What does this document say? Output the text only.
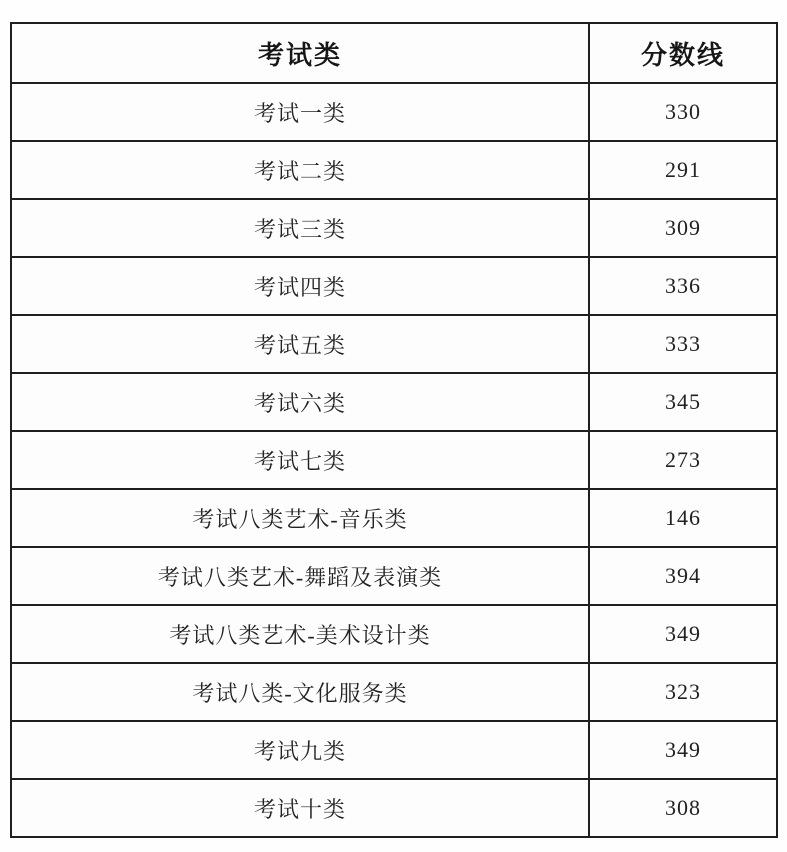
考试类	分数线
考试一类	330
考试二类	291
考试三类	309
考试四类	336
考试五类	333
考试六类	345
考试七类	273
考试八类艺术-音乐类	146
考试八类艺术-舞蹈及表演类	394
考试八类艺术-美术设计类	349
考试八类-文化服务类	323
考试九类	349
考试十类	308
